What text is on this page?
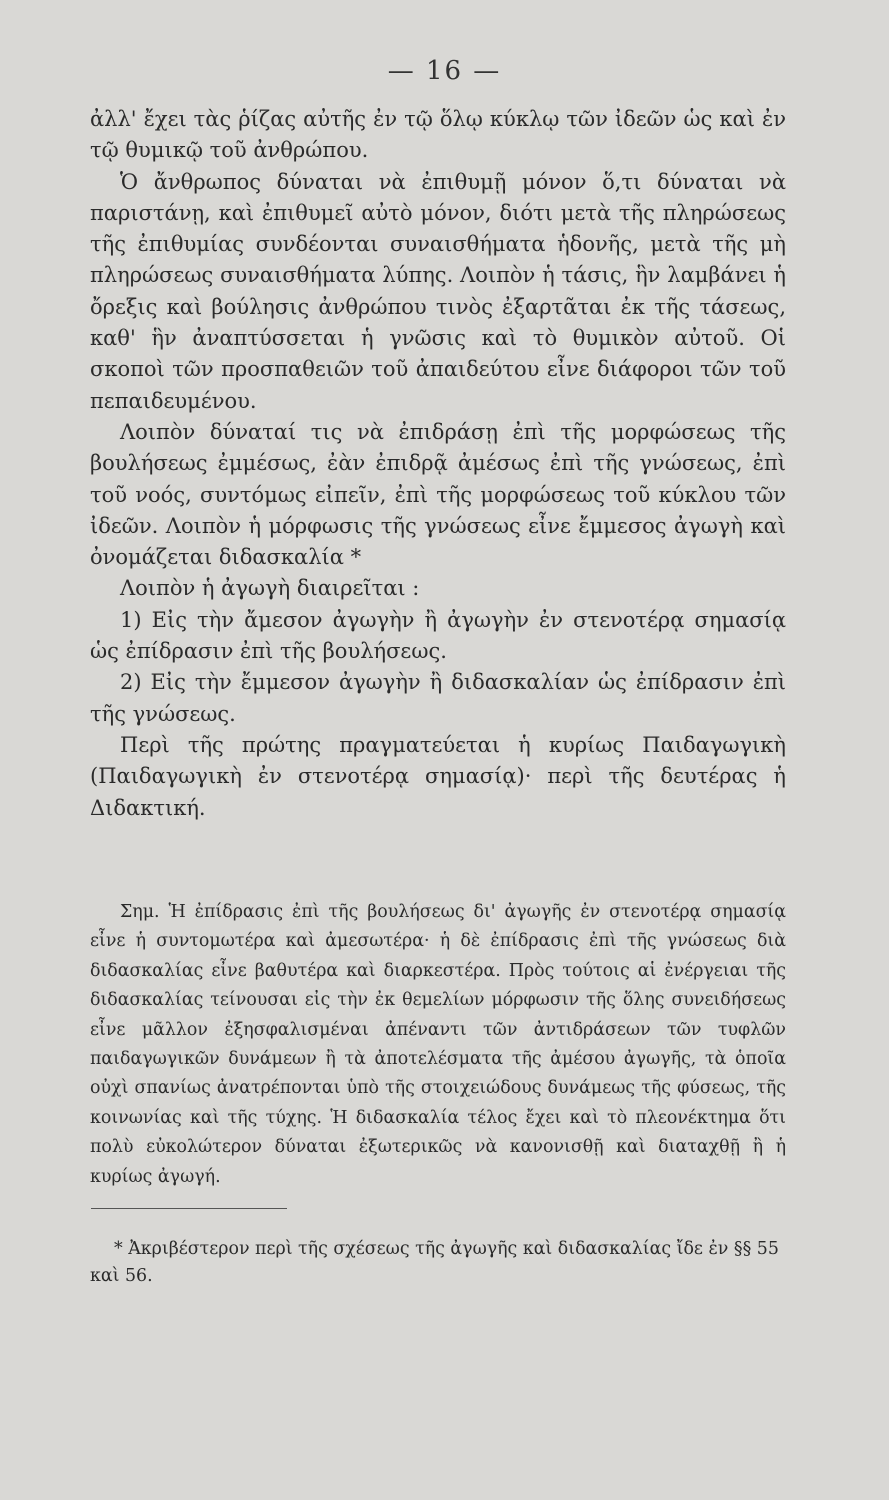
— 16 —

ἀλλ' ἔχει τὰς ῥίζας αὐτῆς ἐν τῷ ὅλῳ κύκλῳ τῶν ἰδεῶν ὡς καὶ ἐν τῷ θυμικῷ τοῦ ἀνθρώπου.

Ὁ ἄνθρωπος δύναται νὰ ἐπιθυμῇ μόνον ὅ,τι δύναται νὰ παριστάνῃ, καὶ ἐπιθυμεῖ αὐτὸ μόνον, διότι μετὰ τῆς πληρώσεως τῆς ἐπιθυμίας συνδέονται συναισθήματα ἡδονῆς, μετὰ τῆς μὴ πληρώσεως συναισθήματα λύπης. Λοιπὸν ἡ τάσις, ἣν λαμβάνει ἡ ὄρεξις καὶ βούλησις ἀνθρώπου τινὸς ἐξαρτᾶται ἐκ τῆς τάσεως, καθ' ἣν ἀναπτύσσεται ἡ γνῶσις καὶ τὸ θυμικὸν αὐτοῦ. Οἱ σκοποὶ τῶν προσπαθειῶν τοῦ ἀπαιδεύτου εἶνε διάφοροι τῶν τοῦ πεπαιδευμένου.

Λοιπὸν δύναταί τις νὰ ἐπιδράσῃ ἐπὶ τῆς μορφώσεως τῆς βουλήσεως ἐμμέσως, ἐὰν ἐπιδρᾷ ἀμέσως ἐπὶ τῆς γνώσεως, ἐπὶ τοῦ νοός, συντόμως εἰπεῖν, ἐπὶ τῆς μορφώσεως τοῦ κύκλου τῶν ἰδεῶν. Λοιπὸν ἡ μόρφωσις τῆς γνώσεως εἶνε ἔμμεσος ἀγωγὴ καὶ ὀνομάζεται διδασκαλία *

Λοιπὸν ἡ ἀγωγὴ διαιρεῖται :

1) Εἰς τὴν ἄμεσον ἀγωγὴν ἢ ἀγωγὴν ἐν στενοτέρᾳ σημασίᾳ ὡς ἐπίδρασιν ἐπὶ τῆς βουλήσεως.

2) Εἰς τὴν ἔμμεσον ἀγωγὴν ἢ διδασκαλίαν ὡς ἐπίδρασιν ἐπὶ τῆς γνώσεως.

Περὶ τῆς πρώτης πραγματεύεται ἡ κυρίως Παιδαγωγικὴ (Παιδαγωγικὴ ἐν στενοτέρᾳ σημασίᾳ)· περὶ τῆς δευτέρας ἡ Διδακτική.

Σημ. Ἡ ἐπίδρασις ἐπὶ τῆς βουλήσεως δι' ἀγωγῆς ἐν στενοτέρᾳ σημασίᾳ εἶνε ἡ συντομωτέρα καὶ ἀμεσωτέρα· ἡ δὲ ἐπίδρασις ἐπὶ τῆς γνώσεως διὰ διδασκαλίας εἶνε βαθυτέρα καὶ διαρκεστέρα. Πρὸς τούτοις αἱ ἐνέργειαι τῆς διδασκαλίας τείνουσαι εἰς τὴν ἐκ θεμελίων μόρφωσιν τῆς ὅλης συνειδήσεως εἶνε μᾶλλον ἐξησφαλισμέναι ἀπέναντι τῶν ἀντιδράσεων τῶν τυφλῶν παιδαγωγικῶν δυνάμεων ἢ τὰ ἀποτελέσματα τῆς ἀμέσου ἀγωγῆς, τὰ ὁποῖα οὐχὶ σπανίως ἀνατρέπονται ὑπὸ τῆς στοιχειώδους δυνάμεως τῆς φύσεως, τῆς κοινωνίας καὶ τῆς τύχης. Ἡ διδασκαλία τέλος ἔχει καὶ τὸ πλεονέκτημα ὅτι πολὺ εὐκολώτερον δύναται ἐξωτερικῶς νὰ κανονισθῇ καὶ διαταχθῇ ἢ ἡ κυρίως ἀγωγή.

* Ἀκριβέστερον περὶ τῆς σχέσεως τῆς ἀγωγῆς καὶ διδασκαλίας ἴδε ἐν §§ 55 καὶ 56.
